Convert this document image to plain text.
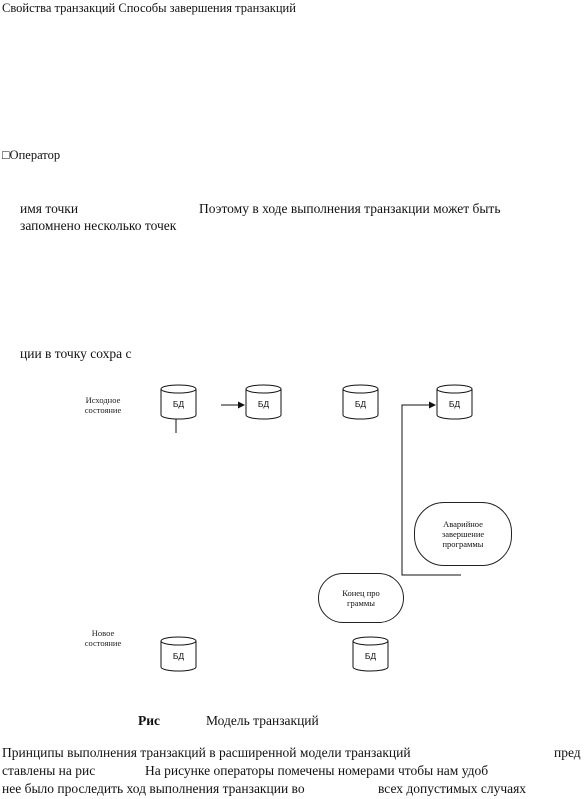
Свойства транзакций Способы завершения транзакций
□Оператор
имя точки	Поэтому в ходе выполнения транзакции может быть
запомнено несколько точек
ции в точку сохра с
Исходное
состояние
Новое
состояние
БД	БД	БД	БД
БД	БД
Аварийное
завершение
программы
Конец про
граммы
Рис	Модель транзакций
Принципы выполнения транзакций в расширенной модели транзакций	пред
ставлены на рис	На рисунке операторы помечены номерами чтобы нам удоб
нее было проследить ход выполнения транзакции во	всех допустимых случаях
